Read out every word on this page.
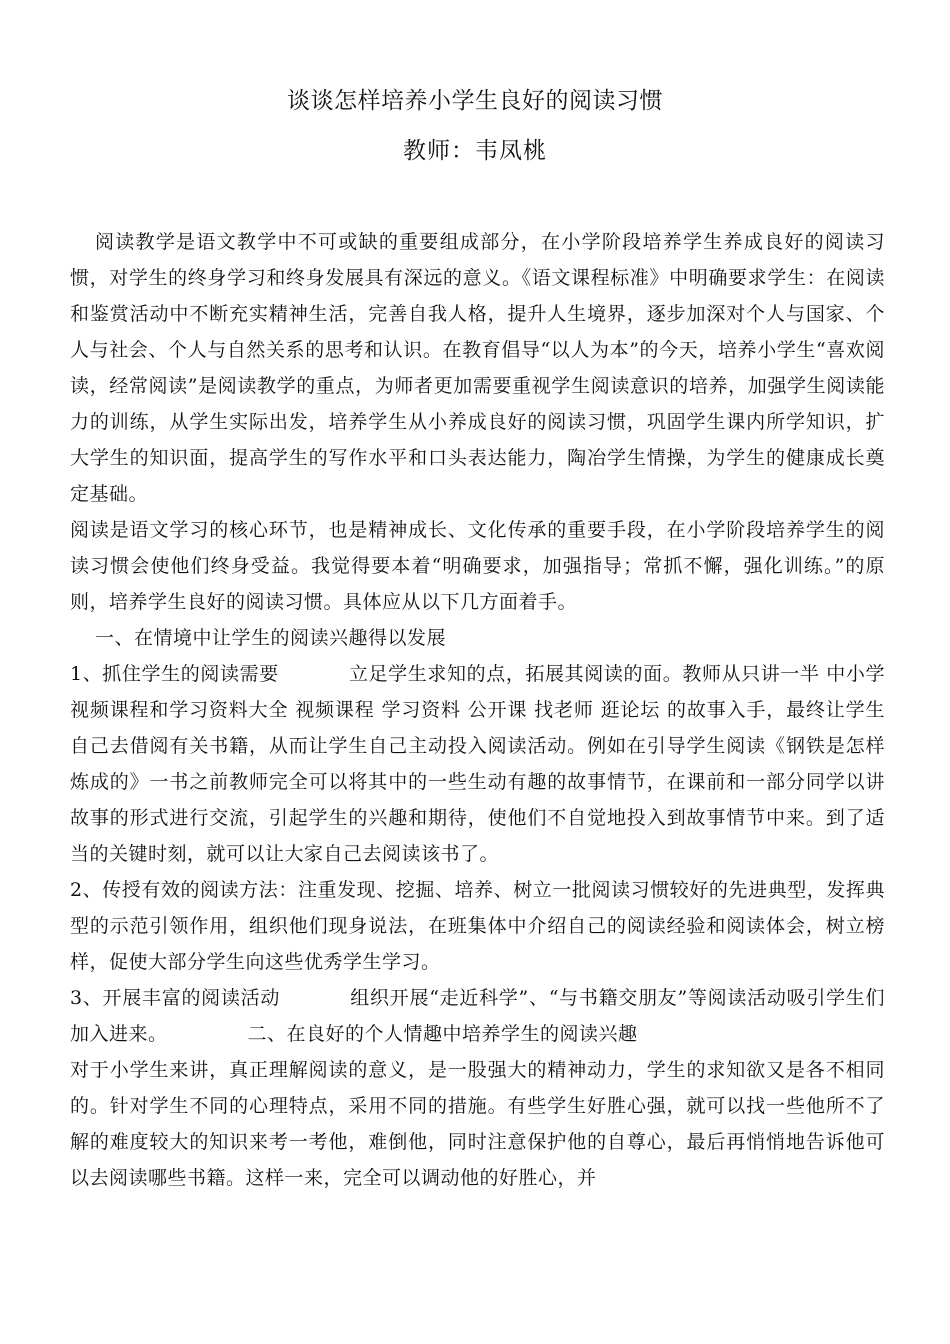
谈谈怎样培养小学生良好的阅读习惯
教师：韦凤桃

阅读教学是语文教学中不可或缺的重要组成部分，在小学阶段培养学生养成良好的阅读习惯，对学生的终身学习和终身发展具有深远的意义。《语文课程标准》中明确要求学生：在阅读和鉴赏活动中不断充实精神生活，完善自我人格，提升人生境界，逐步加深对个人与国家、个人与社会、个人与自然关系的思考和认识。在教育倡导“以人为本”的今天，培养小学生“喜欢阅读，经常阅读”是阅读教学的重点，为师者更加需要重视学生阅读意识的培养，加强学生阅读能力的训练，从学生实际出发，培养学生从小养成良好的阅读习惯，巩固学生课内所学知识，扩大学生的知识面，提高学生的写作水平和口头表达能力，陶冶学生情操，为学生的健康成长奠定基础。

阅读是语文学习的核心环节，也是精神成长、文化传承的重要手段，在小学阶段培养学生的阅读习惯会使他们终身受益。我觉得要本着“明确要求，加强指导；常抓不懈，强化训练。”的原则，培养学生良好的阅读习惯。具体应从以下几方面着手。

一、在情境中让学生的阅读兴趣得以发展

1、抓住学生的阅读需要	立足学生求知的点，拓展其阅读的面。教师从只讲一半 中小学视频课程和学习资料大全 视频课程 学习资料 公开课 找老师 逛论坛 的故事入手，最终让学生自己去借阅有关书籍，从而让学生自己主动投入阅读活动。例如在引导学生阅读《钢铁是怎样炼成的》一书之前教师完全可以将其中的一些生动有趣的故事情节，在课前和一部分同学以讲故事的形式进行交流，引起学生的兴趣和期待，使他们不自觉地投入到故事情节中来。到了适当的关键时刻，就可以让大家自己去阅读该书了。

2、传授有效的阅读方法：注重发现、挖掘、培养、树立一批阅读习惯较好的先进典型，发挥典型的示范引领作用，组织他们现身说法，在班集体中介绍自己的阅读经验和阅读体会，树立榜样，促使大部分学生向这些优秀学生学习。

3、开展丰富的阅读活动	组织开展“走近科学”、“与书籍交朋友”等阅读活动吸引学生们加入进来。	二、在良好的个人情趣中培养学生的阅读兴趣

对于小学生来讲，真正理解阅读的意义，是一股强大的精神动力，学生的求知欲又是各不相同的。针对学生不同的心理特点，采用不同的措施。有些学生好胜心强，就可以找一些他所不了解的难度较大的知识来考一考他，难倒他，同时注意保护他的自尊心，最后再悄悄地告诉他可以去阅读哪些书籍。这样一来，完全可以调动他的好胜心，并
